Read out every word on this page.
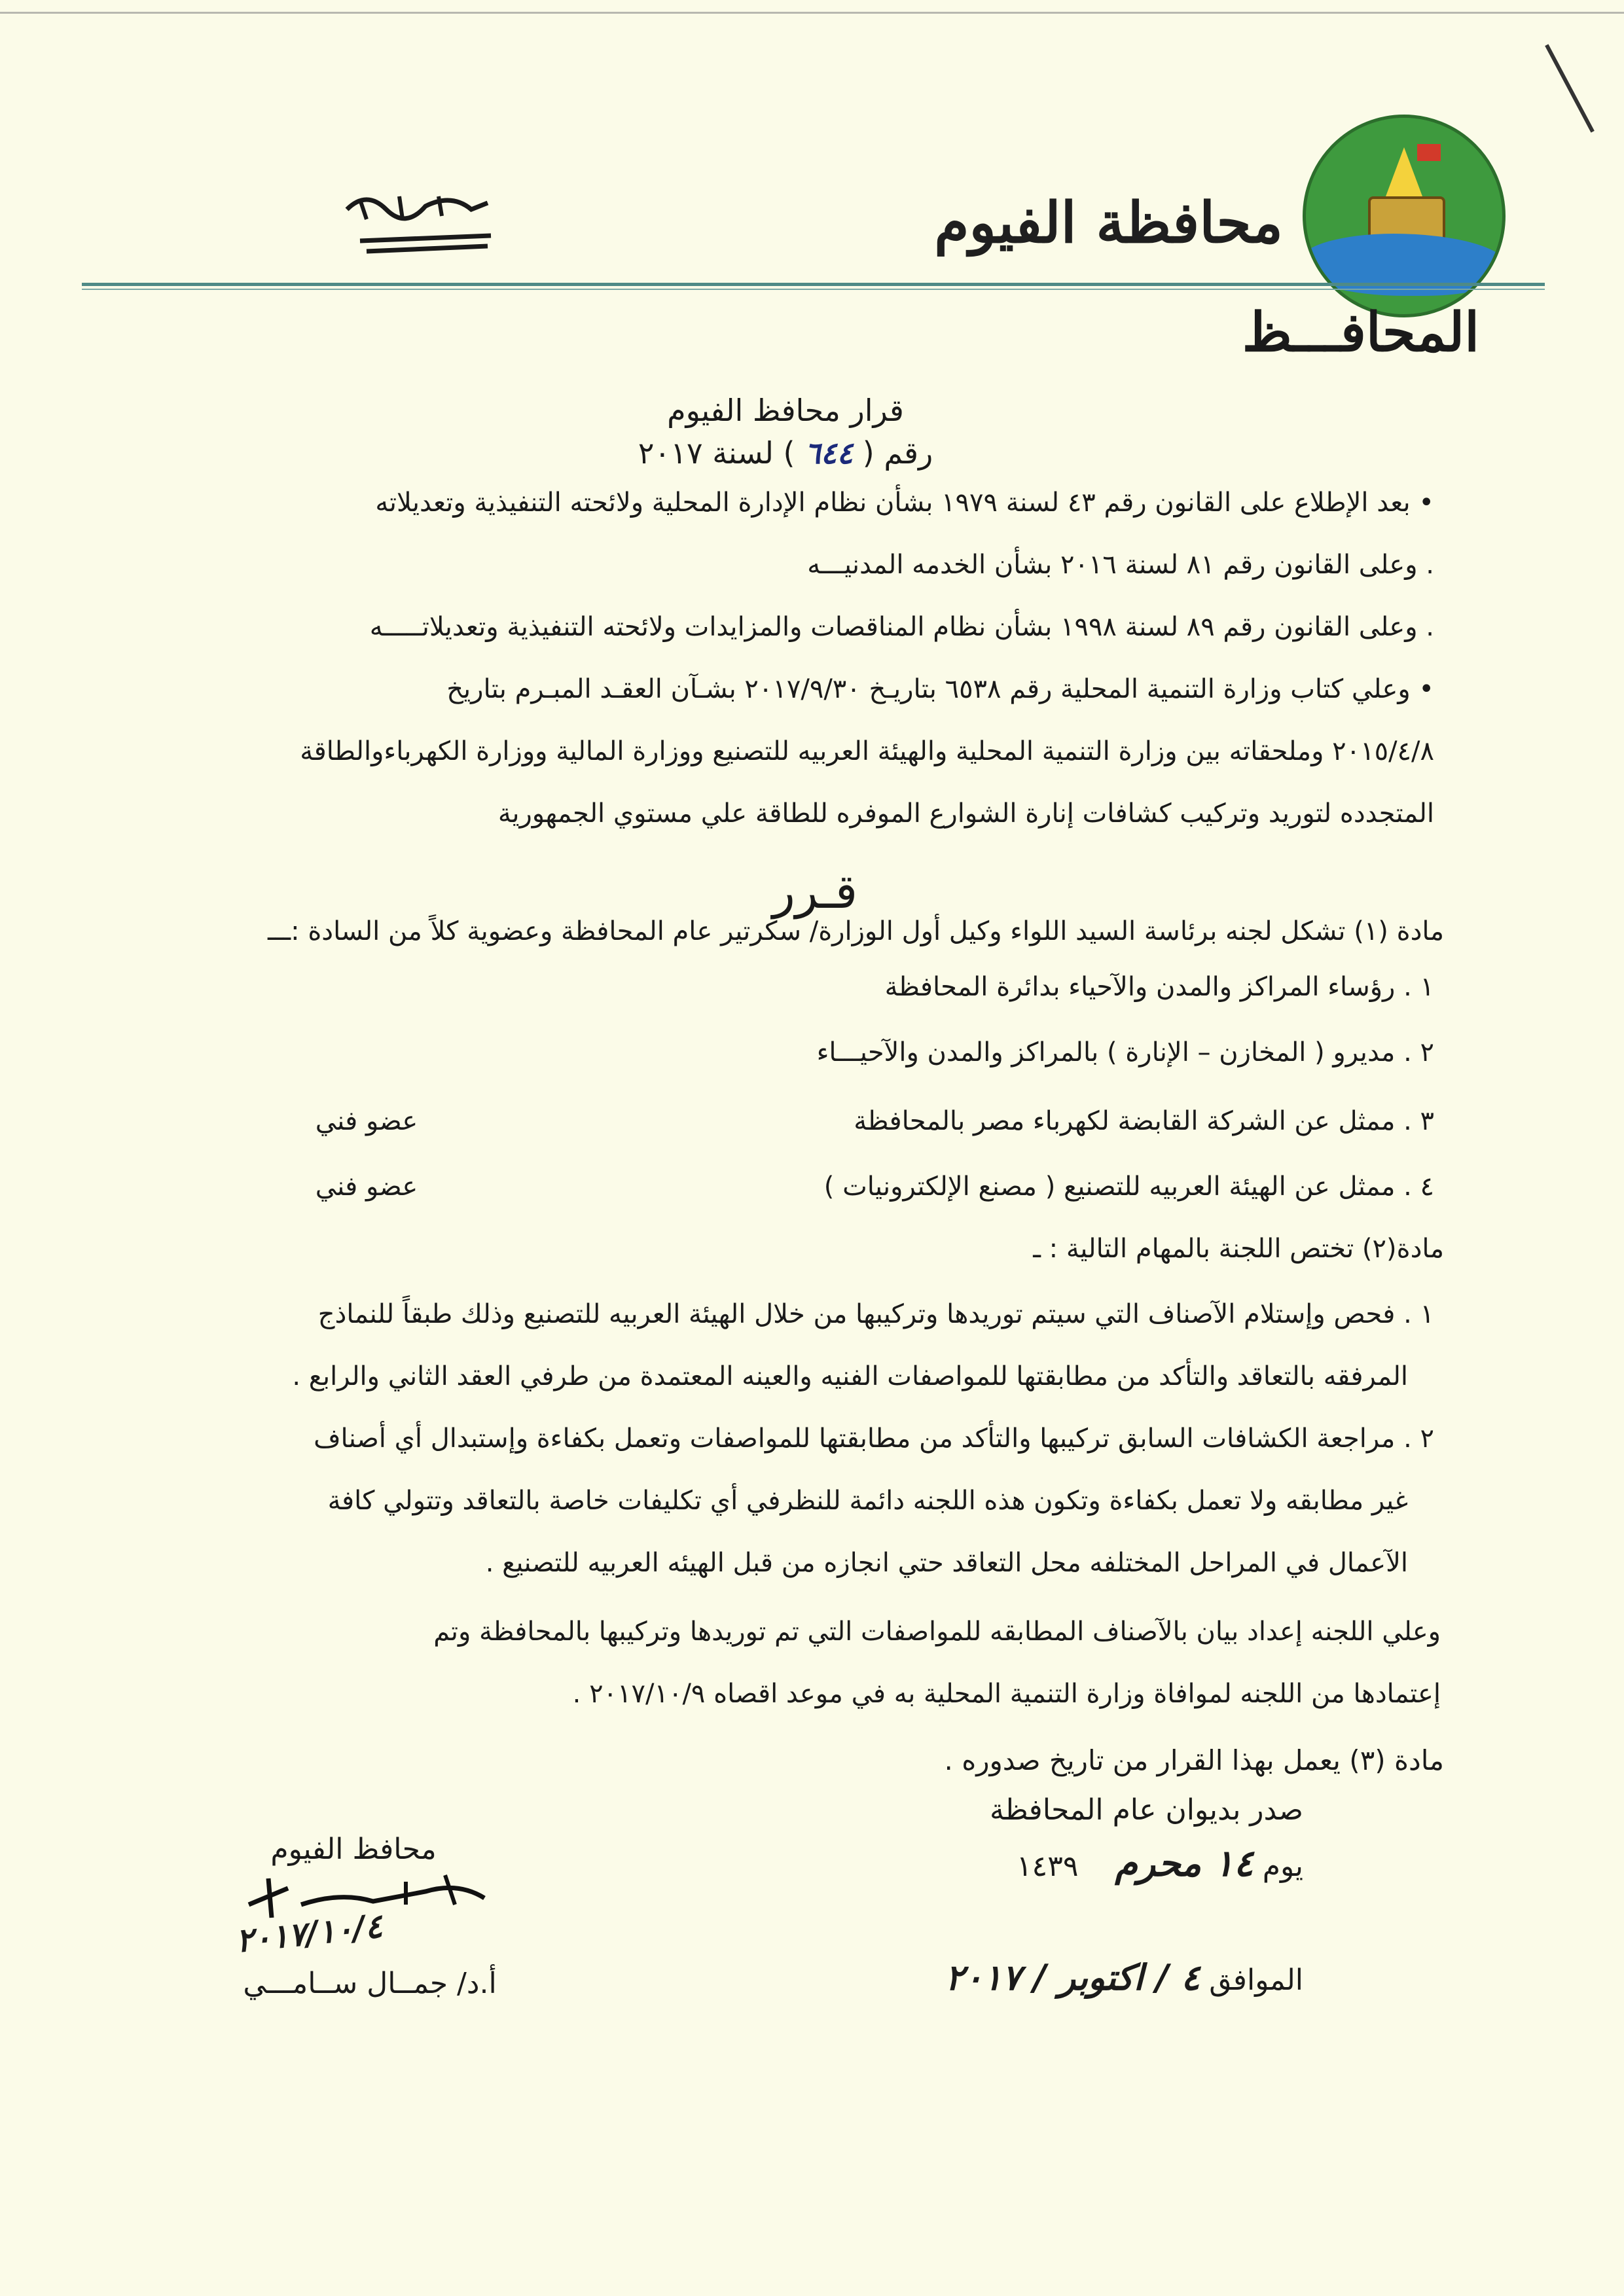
محافظة الفيوم
المحافـــظ
قرار محافظ الفيوم
رقم ( ٦٤٤ ) لسنة ٢٠١٧
• بعد الإطلاع على القانون رقم ٤٣ لسنة ١٩٧٩ بشأن نظام الإدارة المحلية ولائحته التنفيذية وتعديلاته
. وعلى القانون رقم ٨١ لسنة ٢٠١٦ بشأن الخدمه المدنيـــه
. وعلى القانون رقم ٨٩ لسنة ١٩٩٨ بشأن نظام المناقصات والمزايدات ولائحته التنفيذية وتعديلاتـــــه
• وعلي كتاب وزارة التنمية المحلية رقم ٦٥٣٨ بتاريـخ ٢٠١٧/٩/٣٠ بشـآن العقـد المبـرم بتاريخ
٢٠١٥/٤/٨ وملحقاته بين وزارة التنمية المحلية والهيئة العربيه للتصنيع ووزارة المالية ووزارة الكهرباءوالطاقة
المتجدده لتوريد وتركيب كشافات إنارة الشوارع الموفره للطاقة علي مستوي الجمهورية
قـرر
مادة (١) تشكل لجنه برئاسة السيد اللواء وكيل أول الوزارة/ سكرتير عام المحافظة وعضوية كلاً من السادة :ـــ
١ . رؤساء المراكز والمدن والآحياء بدائرة المحافظة
٢ . مديرو ( المخازن – الإنارة ) بالمراكز والمدن والآحيـــاء
٣ . ممثل عن الشركة القابضة لكهرباء مصر بالمحافظة
عضو فني
٤ . ممثل عن الهيئة العربيه للتصنيع ( مصنع الإلكترونيات )
عضو فني
مادة(٢) تختص اللجنة بالمهام التالية : ـ
١ . فحص وإستلام الآصناف التي سيتم توريدها وتركيبها من خلال الهيئة العربيه للتصنيع وذلك طبقاً للنماذج
المرفقه بالتعاقد والتأكد من مطابقتها للمواصفات الفنيه والعينه المعتمدة من طرفي العقد الثاني والرابع .
٢ . مراجعة الكشافات السابق تركيبها والتأكد من مطابقتها للمواصفات وتعمل بكفاءة وإستبدال أي أصناف
غير مطابقه ولا تعمل بكفاءة وتكون هذه اللجنه دائمة للنظرفي أي تكليفات خاصة بالتعاقد وتتولي كافة
الآعمال في المراحل المختلفه محل التعاقد حتي انجازه من قبل الهيئه العربيه للتصنيع .
وعلي اللجنه إعداد بيان بالآصناف المطابقه للمواصفات التي تم توريدها وتركيبها بالمحافظة وتم
إعتمادها من اللجنه لموافاة وزارة التنمية المحلية به في موعد اقصاه ٢٠١٧/١٠/٩ .
مادة (٣) يعمل بهذا القرار من تاريخ صدوره .
صدر بديوان عام المحافظة
يوم ١٤ محرم    ١٤٣٩
الموافق ٤ / اكتوبر / ٢٠١٧
محافظ الفيوم
٢٠١٧/١٠/٤
أ.د/ جمــال ســامـــي
